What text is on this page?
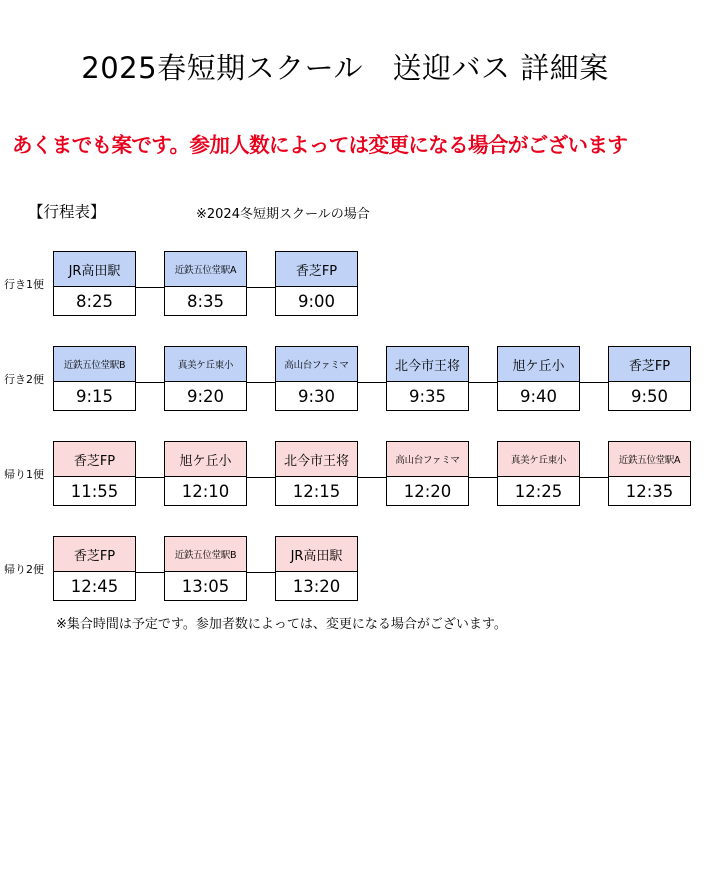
2025春短期スクール　送迎バス 詳細案
あくまでも案です。参加人数によっては変更になる場合がございます
【行程表】	※2024冬短期スクールの場合
行き1便
JR高田駅
8:25
近鉄五位堂駅A
8:35
香芝FP
9:00
行き2便
近鉄五位堂駅B
9:15
真美ケ丘東小
9:20
高山台ファミマ
9:30
北今市王将
9:35
旭ケ丘小
9:40
香芝FP
9:50
帰り1便
香芝FP
11:55
旭ケ丘小
12:10
北今市王将
12:15
高山台ファミマ
12:20
真美ケ丘東小
12:25
近鉄五位堂駅A
12:35
帰り2便
香芝FP
12:45
近鉄五位堂駅B
13:05
JR高田駅
13:20
※集合時間は予定です。参加者数によっては、変更になる場合がございます。
